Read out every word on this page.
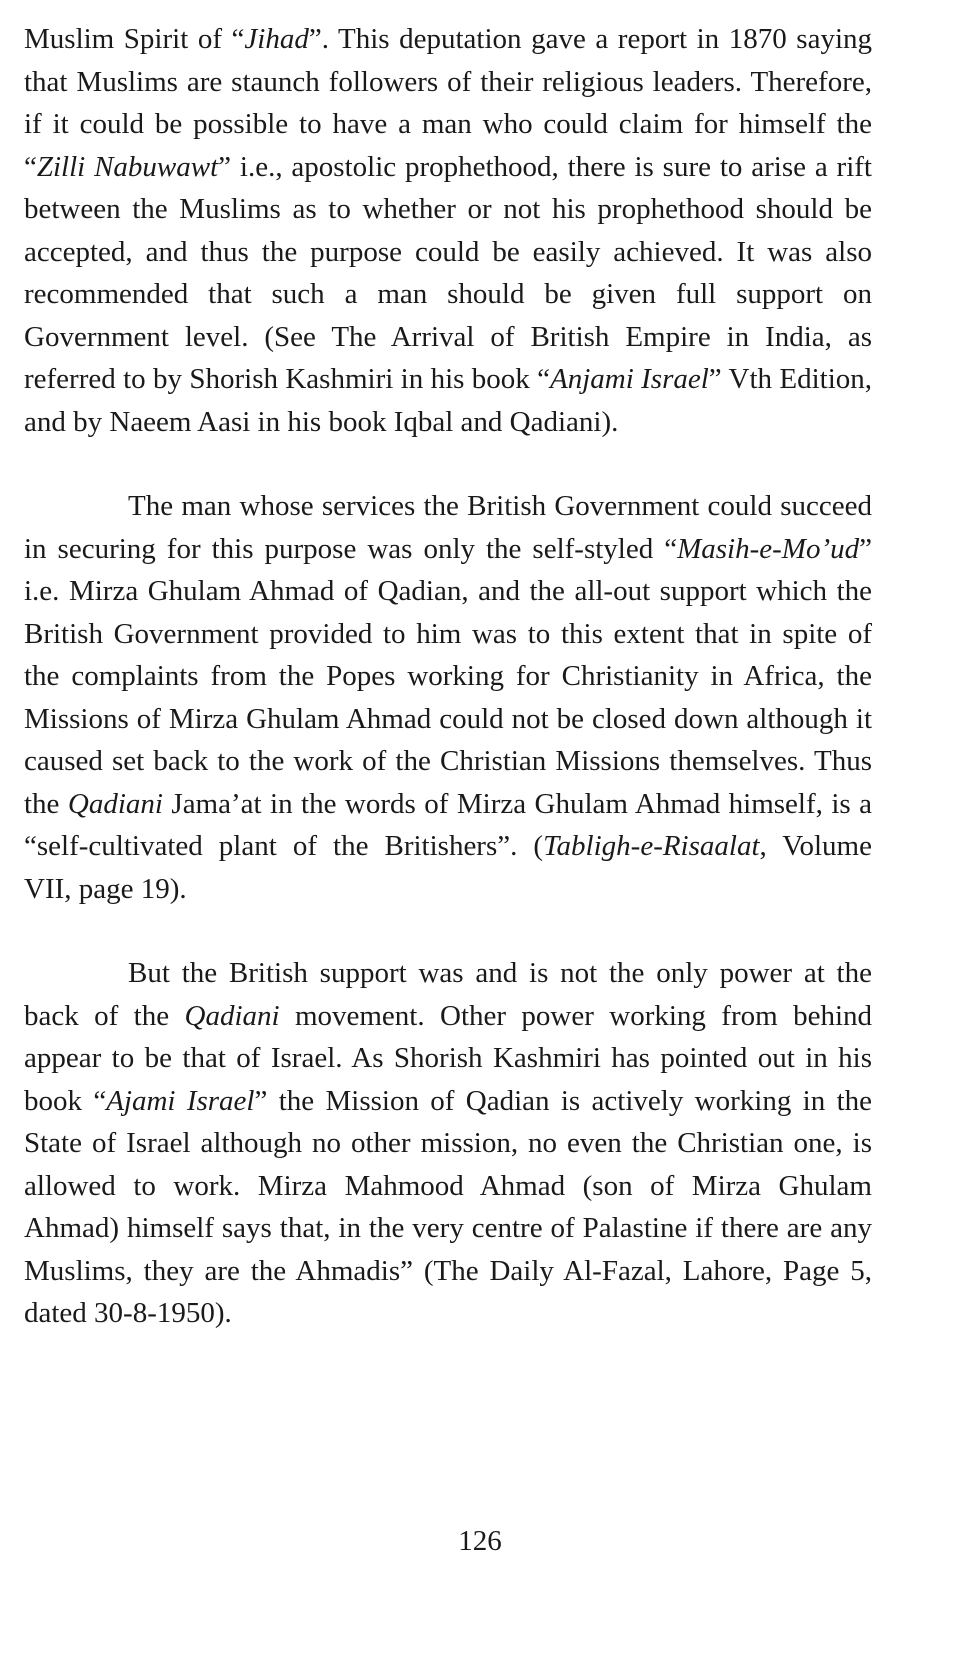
Muslim Spirit of “Jihad”. This deputation gave a report in 1870 saying that Muslims are staunch followers of their religious leaders. Therefore, if it could be possible to have a man who could claim for himself the “Zilli Nabuwawt” i.e., apostolic prophethood, there is sure to arise a rift between the Muslims as to whether or not his prophethood should be accepted, and thus the purpose could be easily achieved. It was also recommended that such a man should be given full support on Government level. (See The Arrival of British Empire in India, as referred to by Shorish Kashmiri in his book “Anjami Israel” Vth Edition, and by Naeem Aasi in his book Iqbal and Qadiani).

The man whose services the British Government could succeed in securing for this purpose was only the self-styled “Masih-e-Mo’ud” i.e. Mirza Ghulam Ahmad of Qadian, and the all-out support which the British Government provided to him was to this extent that in spite of the complaints from the Popes working for Christianity in Africa, the Missions of Mirza Ghulam Ahmad could not be closed down although it caused set back to the work of the Christian Missions themselves. Thus the Qadiani Jama’at in the words of Mirza Ghulam Ahmad himself, is a “self-cultivated plant of the Britishers”. (Tabligh-e-Risaalat, Volume VII, page 19).

But the British support was and is not the only power at the back of the Qadiani movement. Other power working from behind appear to be that of Israel. As Shorish Kashmiri has pointed out in his book “Ajami Israel” the Mission of Qadian is actively working in the State of Israel although no other mission, no even the Christian one, is allowed to work. Mirza Mahmood Ahmad (son of Mirza Ghulam Ahmad) himself says that, in the very centre of Palastine if there are any Muslims, they are the Ahmadis” (The Daily Al-Fazal, Lahore, Page 5, dated 30-8-1950).

126
